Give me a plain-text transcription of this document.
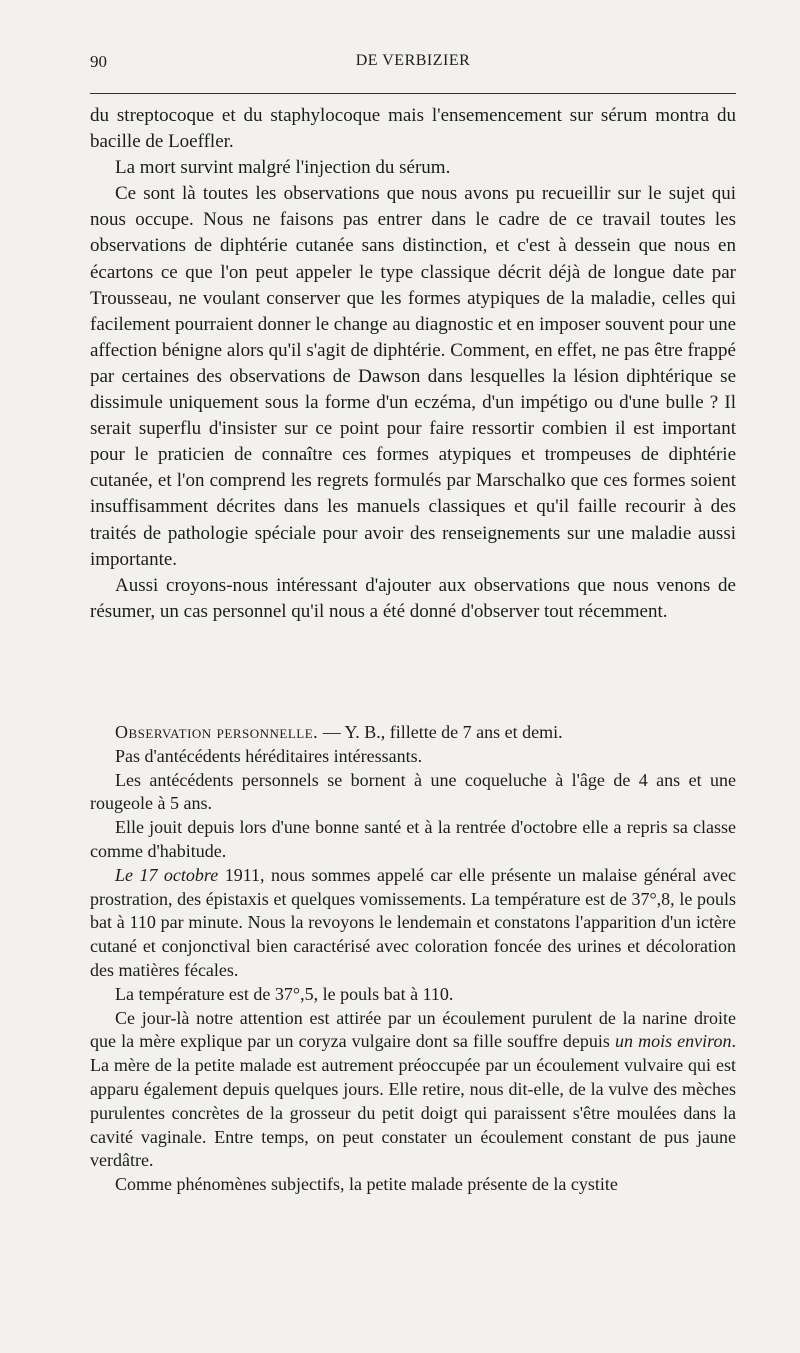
90	DE VERBIZIER

du streptocoque et du staphylocoque mais l'ensemencement sur sérum montra du bacille de Loeffler.

La mort survint malgré l'injection du sérum.

Ce sont là toutes les observations que nous avons pu recueillir sur le sujet qui nous occupe. Nous ne faisons pas entrer dans le cadre de ce travail toutes les observations de diphtérie cutanée sans distinction, et c'est à dessein que nous en écartons ce que l'on peut appeler le type classique décrit déjà de longue date par Trousseau, ne voulant conserver que les formes atypiques de la maladie, celles qui facilement pourraient donner le change au diagnostic et en imposer souvent pour une affection bénigne alors qu'il s'agit de diphtérie. Comment, en effet, ne pas être frappé par certaines des observations de Dawson dans lesquelles la lésion diphtérique se dissimule uniquement sous la forme d'un eczéma, d'un impétigo ou d'une bulle ? Il serait superflu d'insister sur ce point pour faire ressortir combien il est important pour le praticien de connaître ces formes atypiques et trompeuses de diphtérie cutanée, et l'on comprend les regrets formulés par Marschalko que ces formes soient insuffisamment décrites dans les manuels classiques et qu'il faille recourir à des traités de pathologie spéciale pour avoir des renseignements sur une maladie aussi importante.

Aussi croyons-nous intéressant d'ajouter aux observations que nous venons de résumer, un cas personnel qu'il nous a été donné d'observer tout récemment.

Observation personnelle. — Y. B., fillette de 7 ans et demi.

Pas d'antécédents héréditaires intéressants.

Les antécédents personnels se bornent à une coqueluche à l'âge de 4 ans et une rougeole à 5 ans.

Elle jouit depuis lors d'une bonne santé et à la rentrée d'octobre elle a repris sa classe comme d'habitude.

Le 17 octobre 1911, nous sommes appelé car elle présente un malaise général avec prostration, des épistaxis et quelques vomissements. La température est de 37°,8, le pouls bat à 110 par minute. Nous la revoyons le lendemain et constatons l'apparition d'un ictère cutané et conjonctival bien caractérisé avec coloration foncée des urines et décoloration des matières fécales.

La température est de 37°,5, le pouls bat à 110.

Ce jour-là notre attention est attirée par un écoulement purulent de la narine droite que la mère explique par un coryza vulgaire dont sa fille souffre depuis un mois environ. La mère de la petite malade est autrement préoccupée par un écoulement vulvaire qui est apparu également depuis quelques jours. Elle retire, nous dit-elle, de la vulve des mèches purulentes concrètes de la grosseur du petit doigt qui paraissent s'être moulées dans la cavité vaginale. Entre temps, on peut constater un écoulement constant de pus jaune verdâtre.

Comme phénomènes subjectifs, la petite malade présente de la cystite
